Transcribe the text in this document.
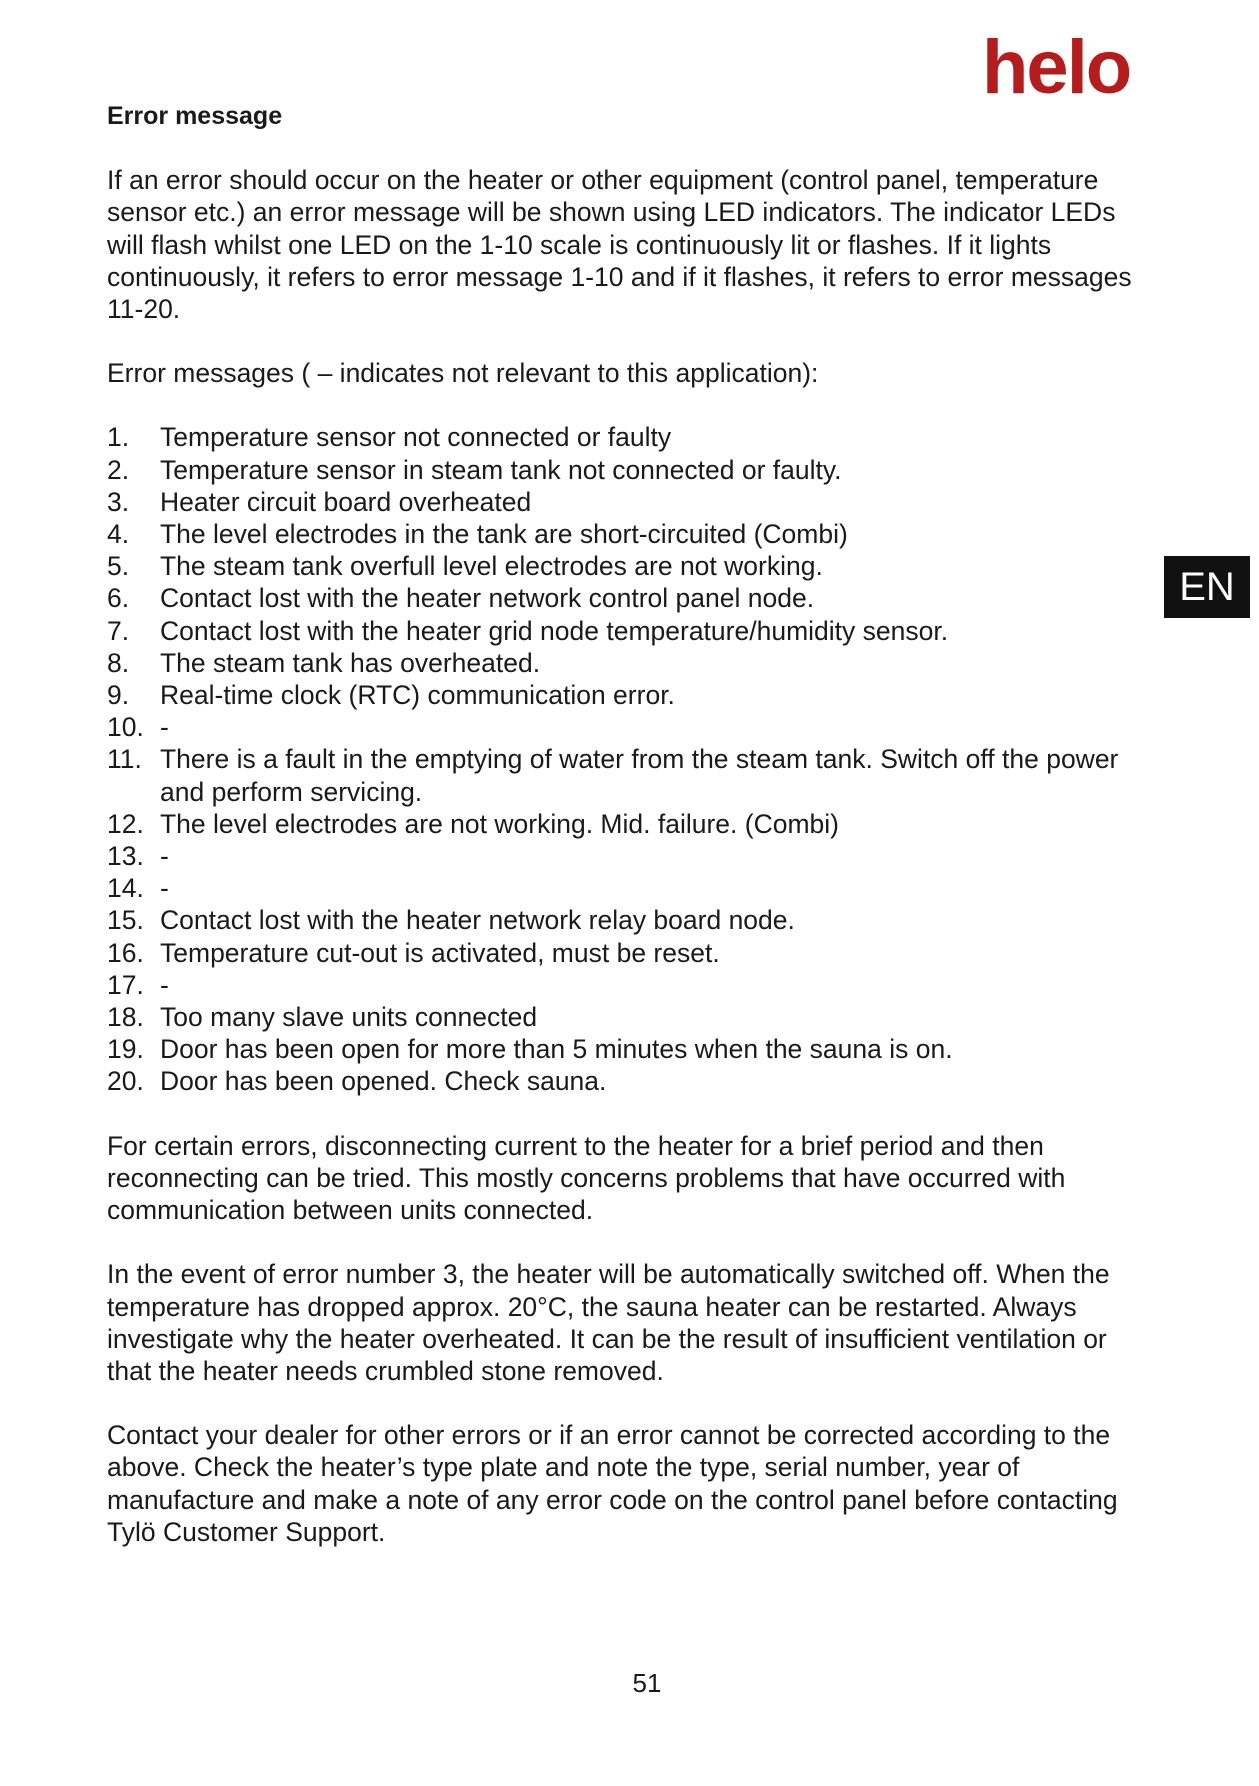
helo
EN
Error message

If an error should occur on the heater or other equipment (control panel, temperature sensor etc.) an error message will be shown using LED indicators. The indicator LEDs will flash whilst one LED on the 1-10 scale is continuously lit or flashes. If it lights continuously, it refers to error message 1-10 and if it flashes, it refers to error messages 11-20.

Error messages ( – indicates not relevant to this application):

1.	Temperature sensor not connected or faulty
2.	Temperature sensor in steam tank not connected or faulty.
3.	Heater circuit board overheated
4.	The level electrodes in the tank are short-circuited (Combi)
5.	The steam tank overfull level electrodes are not working.
6.	Contact lost with the heater network control panel node.
7.	Contact lost with the heater grid node temperature/humidity sensor.
8.	The steam tank has overheated.
9.	Real-time clock (RTC) communication error.
10. -
11. There is a fault in the emptying of water from the steam tank. Switch off the power and perform servicing.
12. The level electrodes are not working. Mid. failure. (Combi)
13. -
14. -
15. Contact lost with the heater network relay board node.
16. Temperature cut-out is activated, must be reset.
17. -
18. Too many slave units connected
19. Door has been open for more than 5 minutes when the sauna is on.
20. Door has been opened. Check sauna.

For certain errors, disconnecting current to the heater for a brief period and then reconnecting can be tried. This mostly concerns problems that have occurred with communication between units connected.

In the event of error number 3, the heater will be automatically switched off. When the temperature has dropped approx. 20°C, the sauna heater can be restarted. Always investigate why the heater overheated. It can be the result of insufficient ventilation or that the heater needs crumbled stone removed.

Contact your dealer for other errors or if an error cannot be corrected according to the above. Check the heater’s type plate and note the type, serial number, year of manufacture and make a note of any error code on the control panel before contacting Tylö Customer Support.

51
